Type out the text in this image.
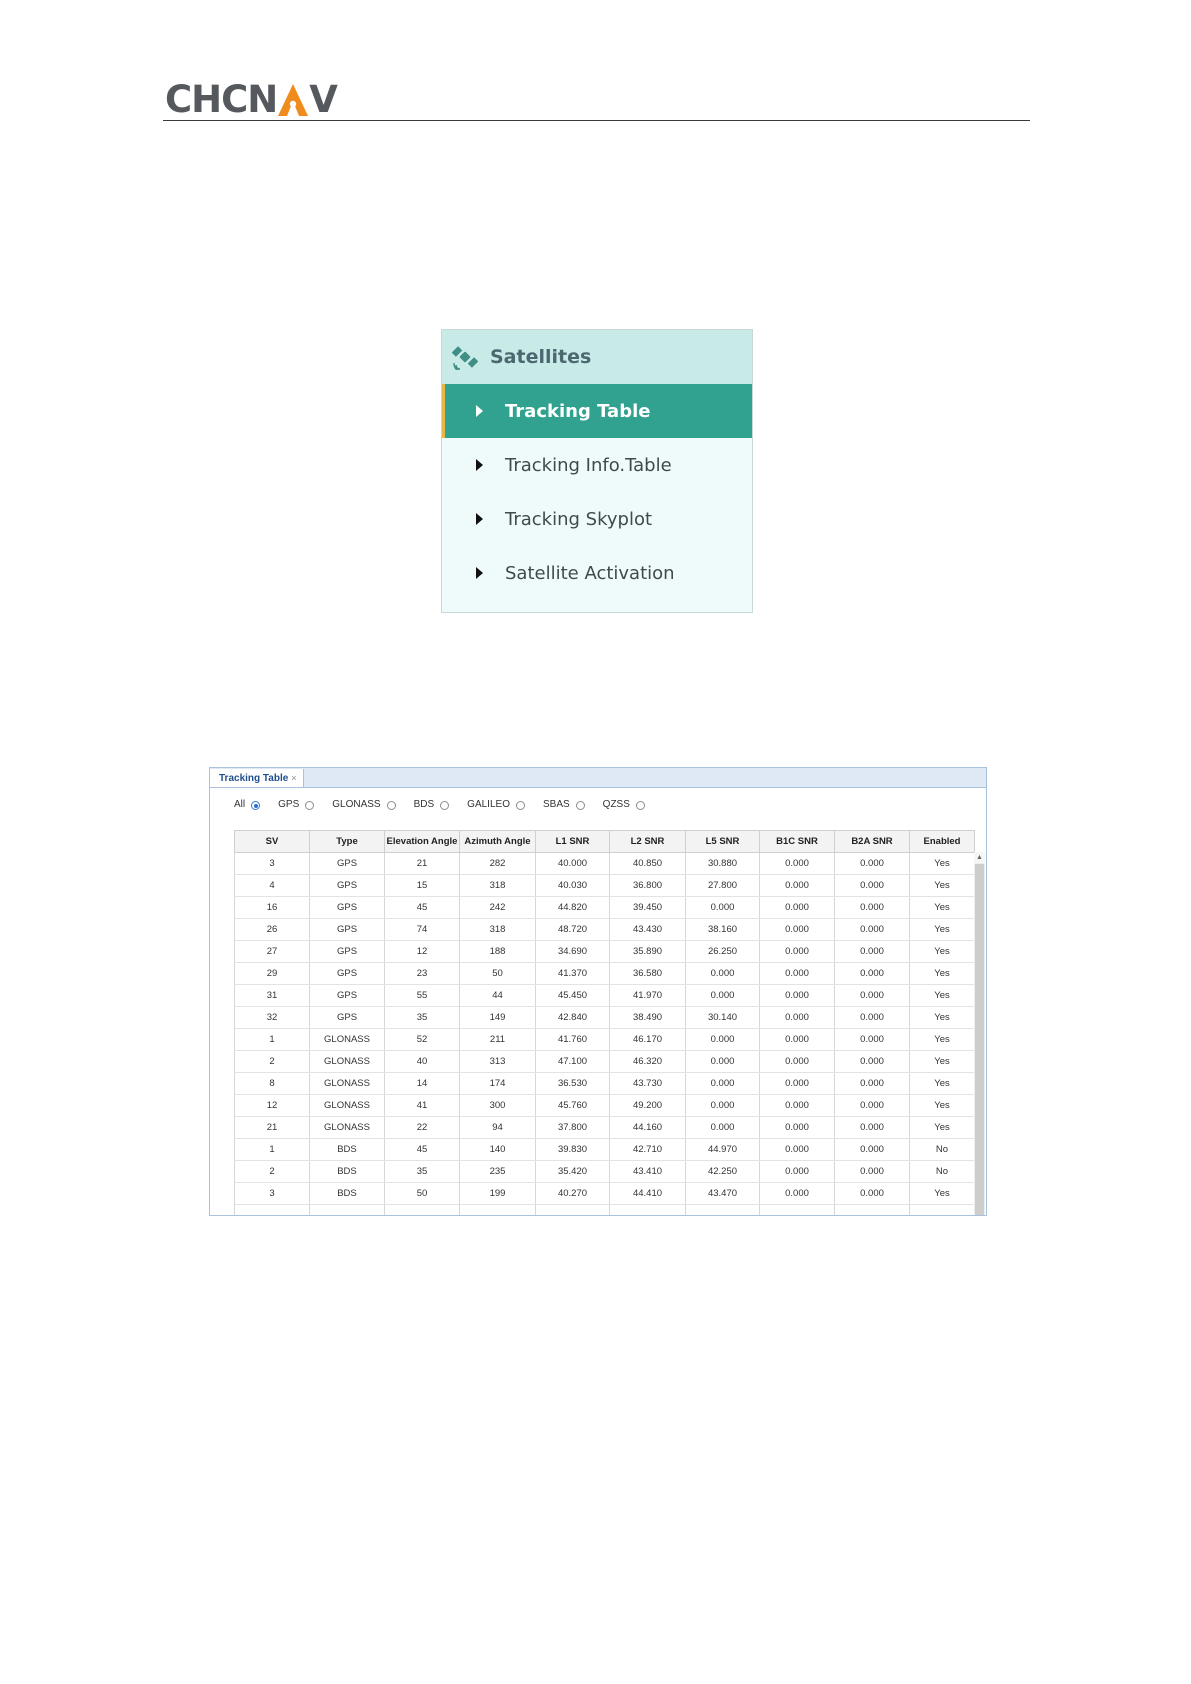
CHCN V
Satellites
Tracking Table
Tracking Info.Table
Tracking Skyplot
Satellite Activation
Tracking Table ×
All	GPS	GLONASS	BDS	GALILEO	SBAS	QZSS
SV	Type	Elevation Angle	Azimuth Angle	L1 SNR	L2 SNR	L5 SNR	B1C SNR	B2A SNR	Enabled
3	GPS	21	282	40.000	40.850	30.880	0.000	0.000	Yes
4	GPS	15	318	40.030	36.800	27.800	0.000	0.000	Yes
16	GPS	45	242	44.820	39.450	0.000	0.000	0.000	Yes
26	GPS	74	318	48.720	43.430	38.160	0.000	0.000	Yes
27	GPS	12	188	34.690	35.890	26.250	0.000	0.000	Yes
29	GPS	23	50	41.370	36.580	0.000	0.000	0.000	Yes
31	GPS	55	44	45.450	41.970	0.000	0.000	0.000	Yes
32	GPS	35	149	42.840	38.490	30.140	0.000	0.000	Yes
1	GLONASS	52	211	41.760	46.170	0.000	0.000	0.000	Yes
2	GLONASS	40	313	47.100	46.320	0.000	0.000	0.000	Yes
8	GLONASS	14	174	36.530	43.730	0.000	0.000	0.000	Yes
12	GLONASS	41	300	45.760	49.200	0.000	0.000	0.000	Yes
21	GLONASS	22	94	37.800	44.160	0.000	0.000	0.000	Yes
1	BDS	45	140	39.830	42.710	44.970	0.000	0.000	No
2	BDS	35	235	35.420	43.410	42.250	0.000	0.000	No
3	BDS	50	199	40.270	44.410	43.470	0.000	0.000	Yes

▲
